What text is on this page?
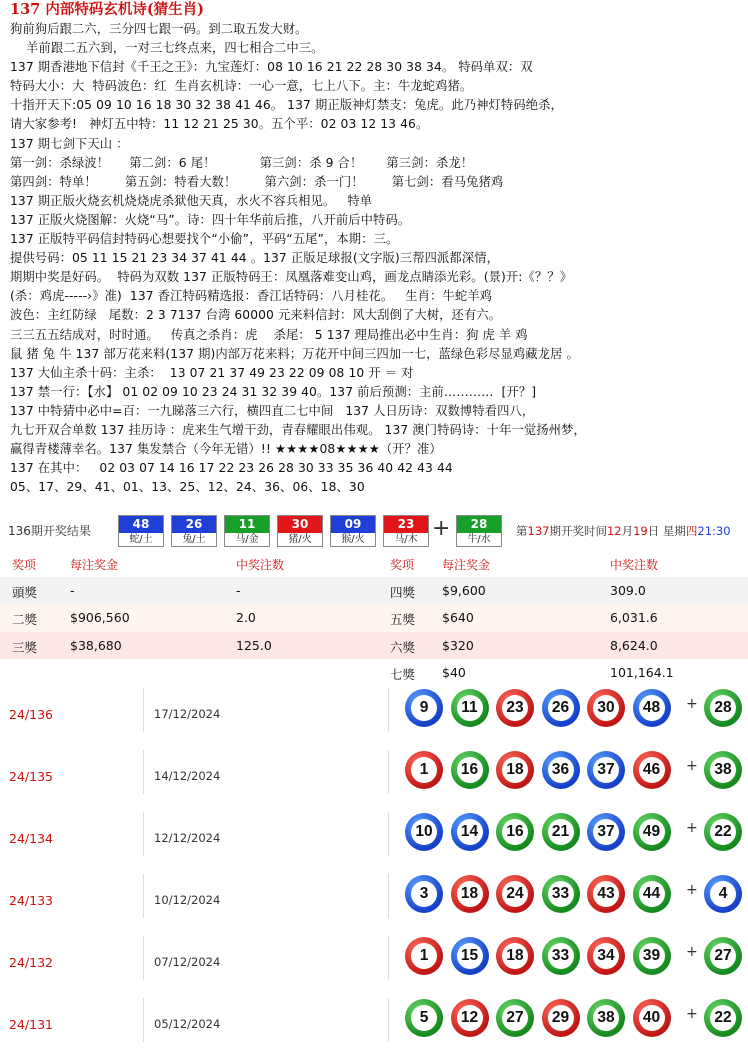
137 内部特码玄机诗(猜生肖)
狗前狗后跟二六，三分四七跟一码。到二取五发大财。
羊前跟二五六到，一对三七终点来，四七相合二中三。
137 期香港地下信封《千王之王》：九宝莲灯：08 10 16 21 22 28 30 38 34。 特码单双：双
特码大小：大  特码波色：红  生肖玄机诗：一心一意，七上八下。主：牛龙蛇鸡猪。
十指开天下:05 09 10 16 18 30 32 38 41 46。 137 期正版神灯禁支：兔虎。此乃神灯特码绝杀，
请大家参考!   神灯五中特：11 12 21 25 30。五个平：02 03 12 13 46。
137 期七剑下天山 ：
第一剑：杀绿波！     第二剑：6 尾！           第三剑：杀 9 合！      第三剑：杀龙！
第四剑：特单！       第五剑：特看大数！       第六剑：杀一门！       第七剑：看马兔猪鸡
137 期正版火烧玄机烧烧虎杀狱他天真，水火不容兵相见。   特单
137 正版火烧图解：火烧“马”。诗：四十年华前后推，八开前后中特码。
137 正版特平码信封特码心想要找个“小偷”，平码“五尾”，本期：三。
提供号码：05 11 15 21 23 34 37 41 44 。137 正版足球报(文字版)三帮四派都深情，
期期中奖是好码。  特码为双数 137 正版特码王：凤凰落难变山鸡，画龙点睛添光彩。(景)开:《？？》
(杀：鸡虎-----›》准)  137 香江特码精选报：香江话特码：八月桂花。   生肖：牛蛇羊鸡
波色：主红防绿   尾数：2 3 7137 台湾 60000 元来料信封：风大刮倒了大树，还有六。
三三五五结成对，时时通。   传真之杀肖：虎    杀尾： 5 137 理局推出必中生肖：狗 虎 羊 鸡
鼠 猪 兔 牛 137 部万花来料(137 期)内部万花来料；万花开中间三四加一七，蓝绿色彩尽显鸡藏龙居 。
137 大仙主杀十码：主杀：  13 07 21 37 49 23 22 09 08 10 开 ＝ 对
137 禁一行：【水】 01 02 09 10 23 24 31 32 39 40。137 前后预测：主前…………  [开？]
137 中特猜中必中=百：一九睇落三六行，横四直二七中间   137 人日历诗：双数博特看四八，
九七开双合单数 137 挂历诗 ：虎来生气增干劲，青春耀眼出伟观。 137 澳门特码诗：十年一觉扬州梦，
赢得青楼薄幸名。137 集发禁合（今年无错）!! ★★★★08★★★★（开？准）
137 在其中：   02 03 07 14 16 17 22 23 26 28 30 33 35 36 40 42 43 44
05、17、29、41、01、13、25、12、24、36、06、18、30
136期开奖结果	48
蛇/土
26
兔/土
11
马/金
30
猪/火
09
猴/火
23
马/木
28
牛/水
+	第137期开奖时间12月19日 星期四21:30
奖项	每注奖金	中奖注数	奖项 每注奖金	中奖注数
頭獎	-	-	四獎 $9,600	309.0
二獎	$906,560	2.0	五獎 $640	6,031.6
三獎	$38,680	125.0	六獎 $320	8,624.0
七獎 $40	101,164.1
24/136	17/12/2024	9	11	23 26 30 48	+ 28
24/135	14/12/2024	1	16 18 36 37 46	+ 38
24/134	12/12/2024	10 14 16 21 37 49	+ 22
24/133	10/12/2024	3	18 24 33 43 44	+	4
24/132	07/12/2024	1	15 18 33 34 39	+ 27
24/131	05/12/2024	5	12 27 29 38 40	+ 22
